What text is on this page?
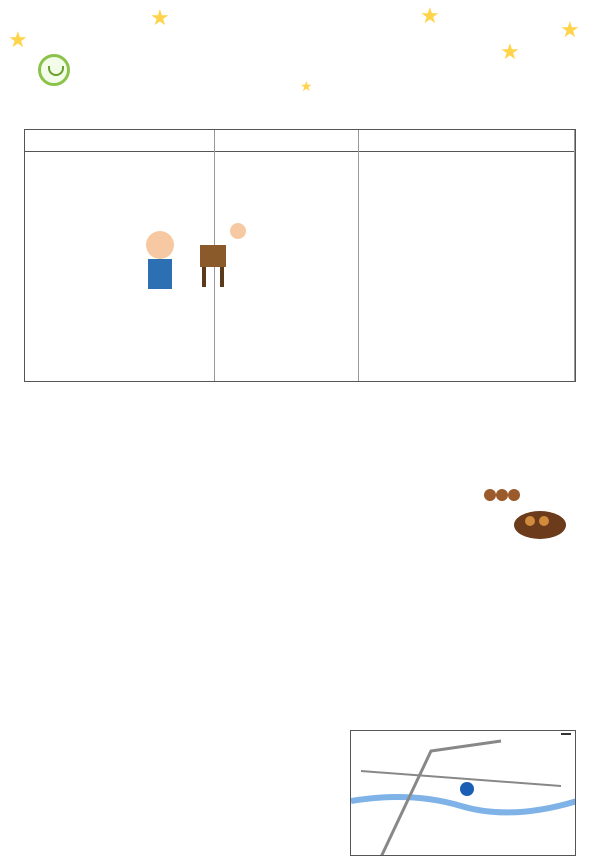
★	★
★
★
★
★
